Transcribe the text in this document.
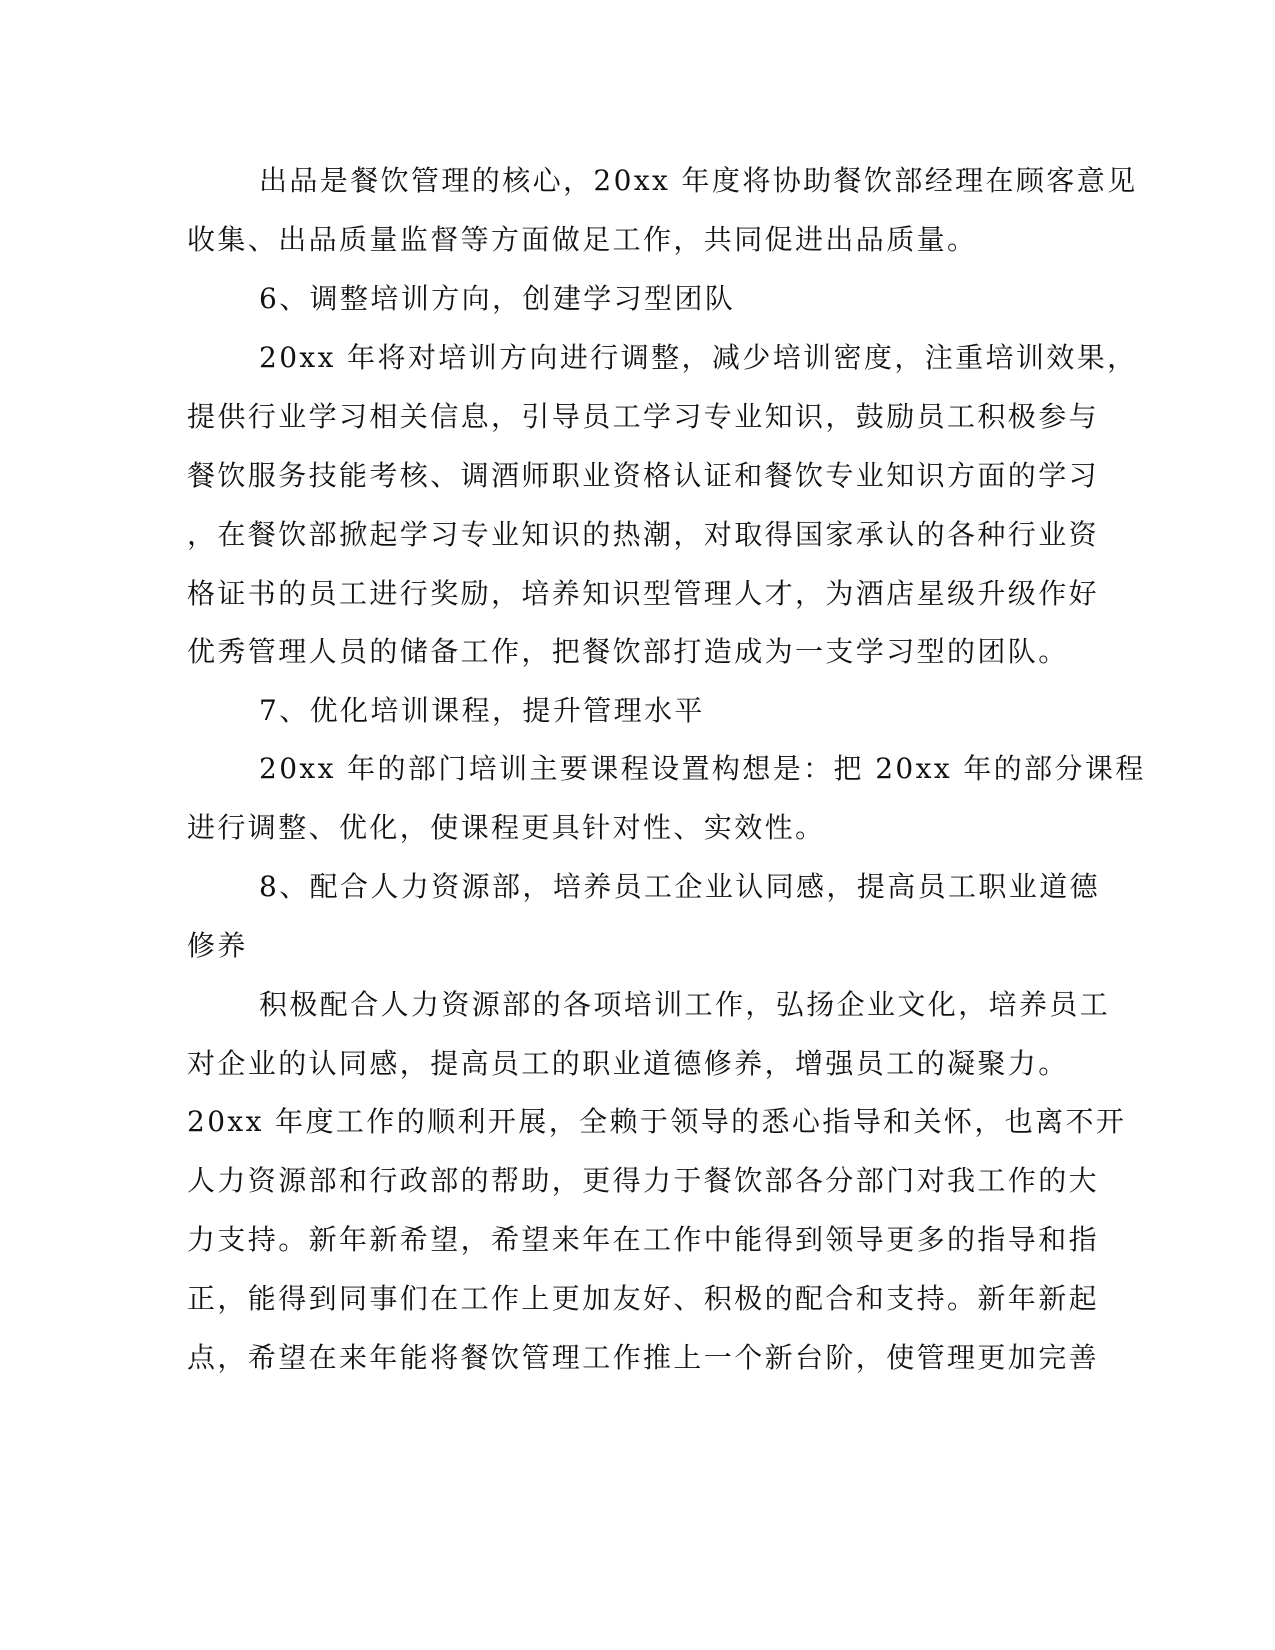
出品是餐饮管理的核心，20xx 年度将协助餐饮部经理在顾客意见
收集、出品质量监督等方面做足工作，共同促进出品质量。
6、调整培训方向，创建学习型团队
20xx 年将对培训方向进行调整，减少培训密度，注重培训效果，
提供行业学习相关信息，引导员工学习专业知识，鼓励员工积极参与
餐饮服务技能考核、调酒师职业资格认证和餐饮专业知识方面的学习
，在餐饮部掀起学习专业知识的热潮，对取得国家承认的各种行业资
格证书的员工进行奖励，培养知识型管理人才，为酒店星级升级作好
优秀管理人员的储备工作，把餐饮部打造成为一支学习型的团队。
7、优化培训课程，提升管理水平
20xx 年的部门培训主要课程设置构想是：把 20xx 年的部分课程
进行调整、优化，使课程更具针对性、实效性。
8、配合人力资源部，培养员工企业认同感，提高员工职业道德
修养
积极配合人力资源部的各项培训工作，弘扬企业文化，培养员工
对企业的认同感，提高员工的职业道德修养，增强员工的凝聚力。
20xx 年度工作的顺利开展，全赖于领导的悉心指导和关怀，也离不开
人力资源部和行政部的帮助，更得力于餐饮部各分部门对我工作的大
力支持。新年新希望，希望来年在工作中能得到领导更多的指导和指
正，能得到同事们在工作上更加友好、积极的配合和支持。新年新起
点，希望在来年能将餐饮管理工作推上一个新台阶，使管理更加完善
